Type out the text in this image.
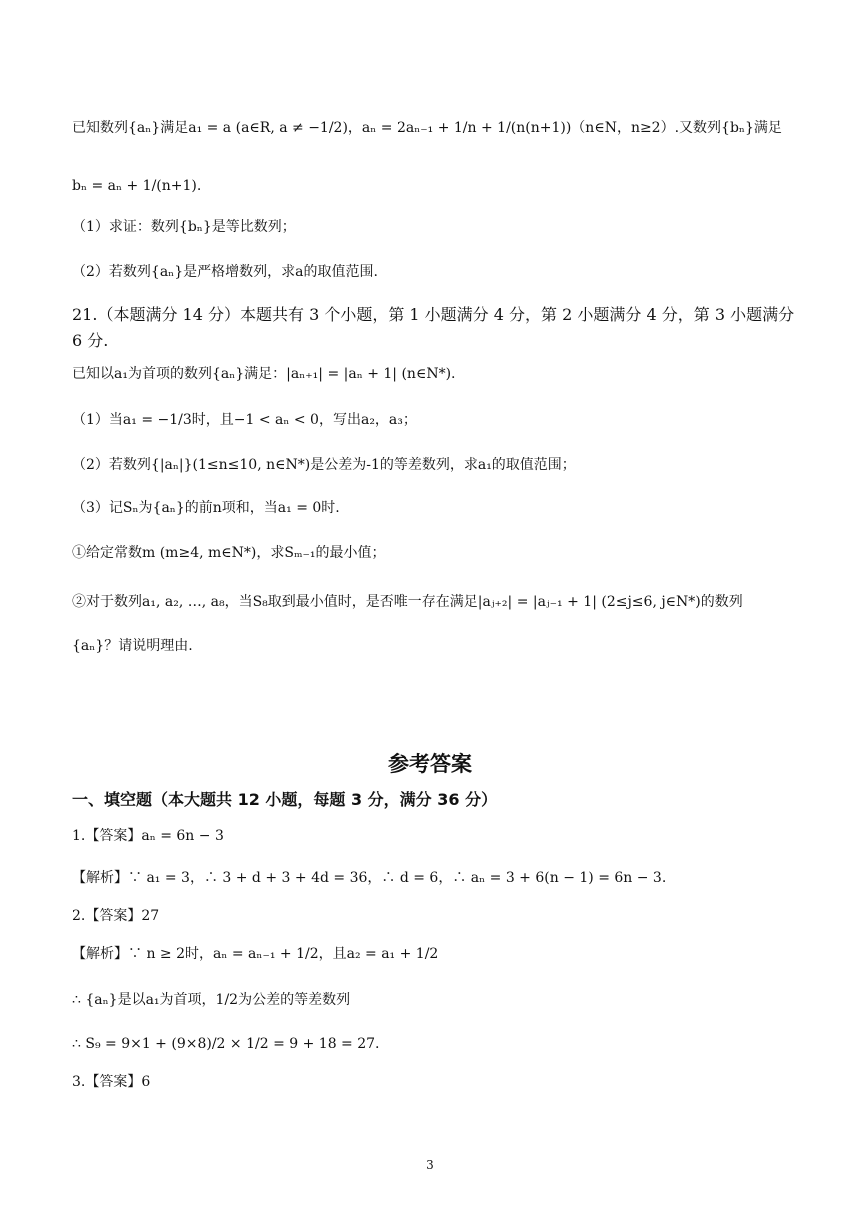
已知数列{aₙ}满足a₁ = a (a∈R, a ≠ −1/2)，aₙ = 2aₙ₋₁ + 1/n + 1/(n(n+1))（n∈N，n≥2）.又数列{bₙ}满足
bₙ = aₙ + 1/(n+1).
（1）求证：数列{bₙ}是等比数列；
（2）若数列{aₙ}是严格增数列，求a的取值范围.
21.（本题满分 14 分）本题共有 3 个小题，第 1 小题满分 4 分，第 2 小题满分 4 分，第 3 小题满分 6 分.
已知以a₁为首项的数列{aₙ}满足：|aₙ₊₁| = |aₙ + 1| (n∈N*).
（1）当a₁ = −1/3时，且−1 < aₙ < 0，写出a₂，a₃；
（2）若数列{|aₙ|}(1≤n≤10, n∈N*)是公差为-1的等差数列，求a₁的取值范围；
（3）记Sₙ为{aₙ}的前n项和，当a₁ = 0时.
①给定常数m (m≥4, m∈N*)，求Sₘ₋₁的最小值；
②对于数列a₁, a₂, …, a₈，当S₈取到最小值时，是否唯一存在满足|aⱼ₊₂| = |aⱼ₋₁ + 1| (2≤j≤6, j∈N*)的数列
{aₙ}？请说明理由.
参考答案
一、填空题（本大题共 12 小题，每题 3 分，满分 36 分）
1.【答案】aₙ = 6n − 3
【解析】∵ a₁ = 3，∴ 3 + d + 3 + 4d = 36，∴ d = 6，∴ aₙ = 3 + 6(n − 1) = 6n − 3.
2.【答案】27
【解析】∵ n ≥ 2时，aₙ = aₙ₋₁ + 1/2，且a₂ = a₁ + 1/2
∴ {aₙ}是以a₁为首项，1/2为公差的等差数列
∴ S₉ = 9×1 + (9×8)/2 × 1/2 = 9 + 18 = 27.
3.【答案】6
3
